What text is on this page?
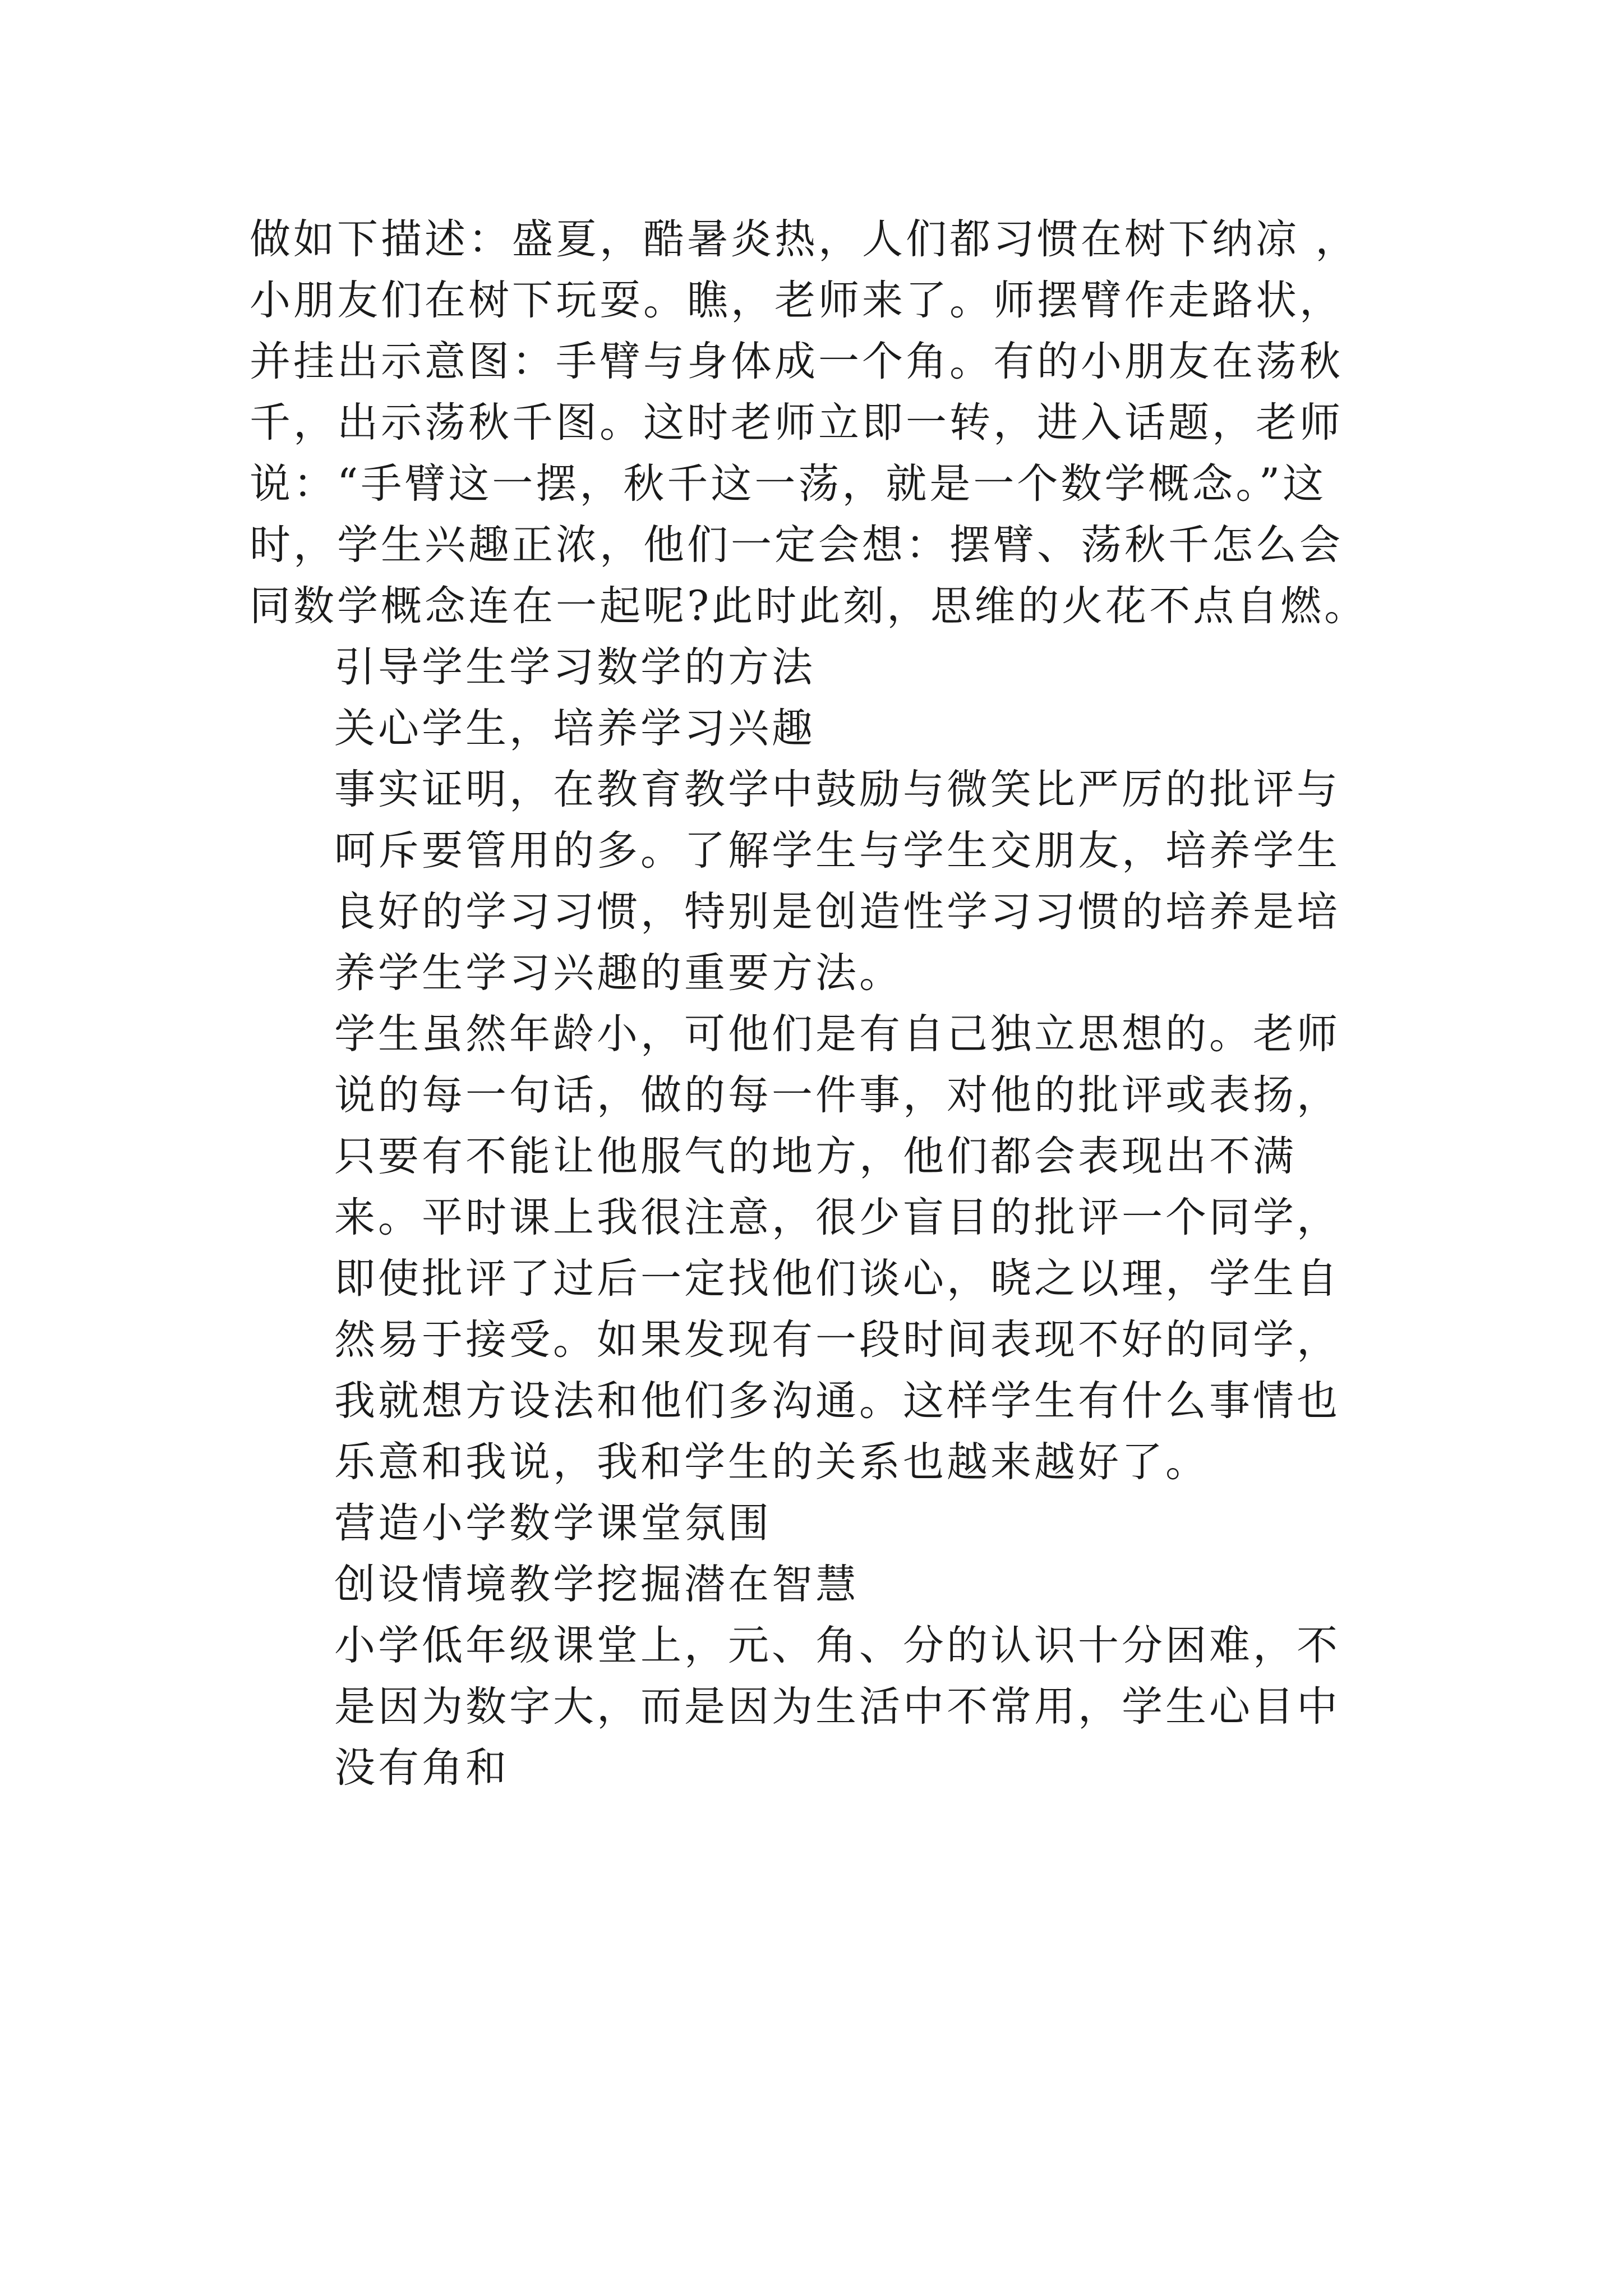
做如下描述：盛夏，酷暑炎热，人们都习惯在树下纳凉 ，小朋友们在树下玩耍。瞧，老师来了。师摆臂作走路状，并挂出示意图：手臂与身体成一个角。有的小朋友在荡秋千，出示荡秋千图。这时老师立即一转，进入话题，老师说：“手臂这一摆，秋千这一荡，就是一个数学概念。”这时，学生兴趣正浓，他们一定会想：摆臂、荡秋千怎么会同数学概念连在一起呢?此时此刻，思维的火花不点自燃。

引导学生学习数学的方法

关心学生，培养学习兴趣

事实证明，在教育教学中鼓励与微笑比严厉的批评与呵斥要管用的多。了解学生与学生交朋友，培养学生良好的学习习惯，特别是创造性学习习惯的培养是培养学生学习兴趣的重要方法。

学生虽然年龄小，可他们是有自己独立思想的。老师说的每一句话，做的每一件事，对他的批评或表扬，只要有不能让他服气的地方，他们都会表现出不满来。平时课上我很注意，很少盲目的批评一个同学，即使批评了过后一定找他们谈心，晓之以理，学生自然易于接受。如果发现有一段时间表现不好的同学，我就想方设法和他们多沟通。这样学生有什么事情也乐意和我说，我和学生的关系也越来越好了。

营造小学数学课堂氛围

创设情境教学挖掘潜在智慧

小学低年级课堂上，元、角、分的认识十分困难，不是因为数字大，而是因为生活中不常用，学生心目中没有角和
